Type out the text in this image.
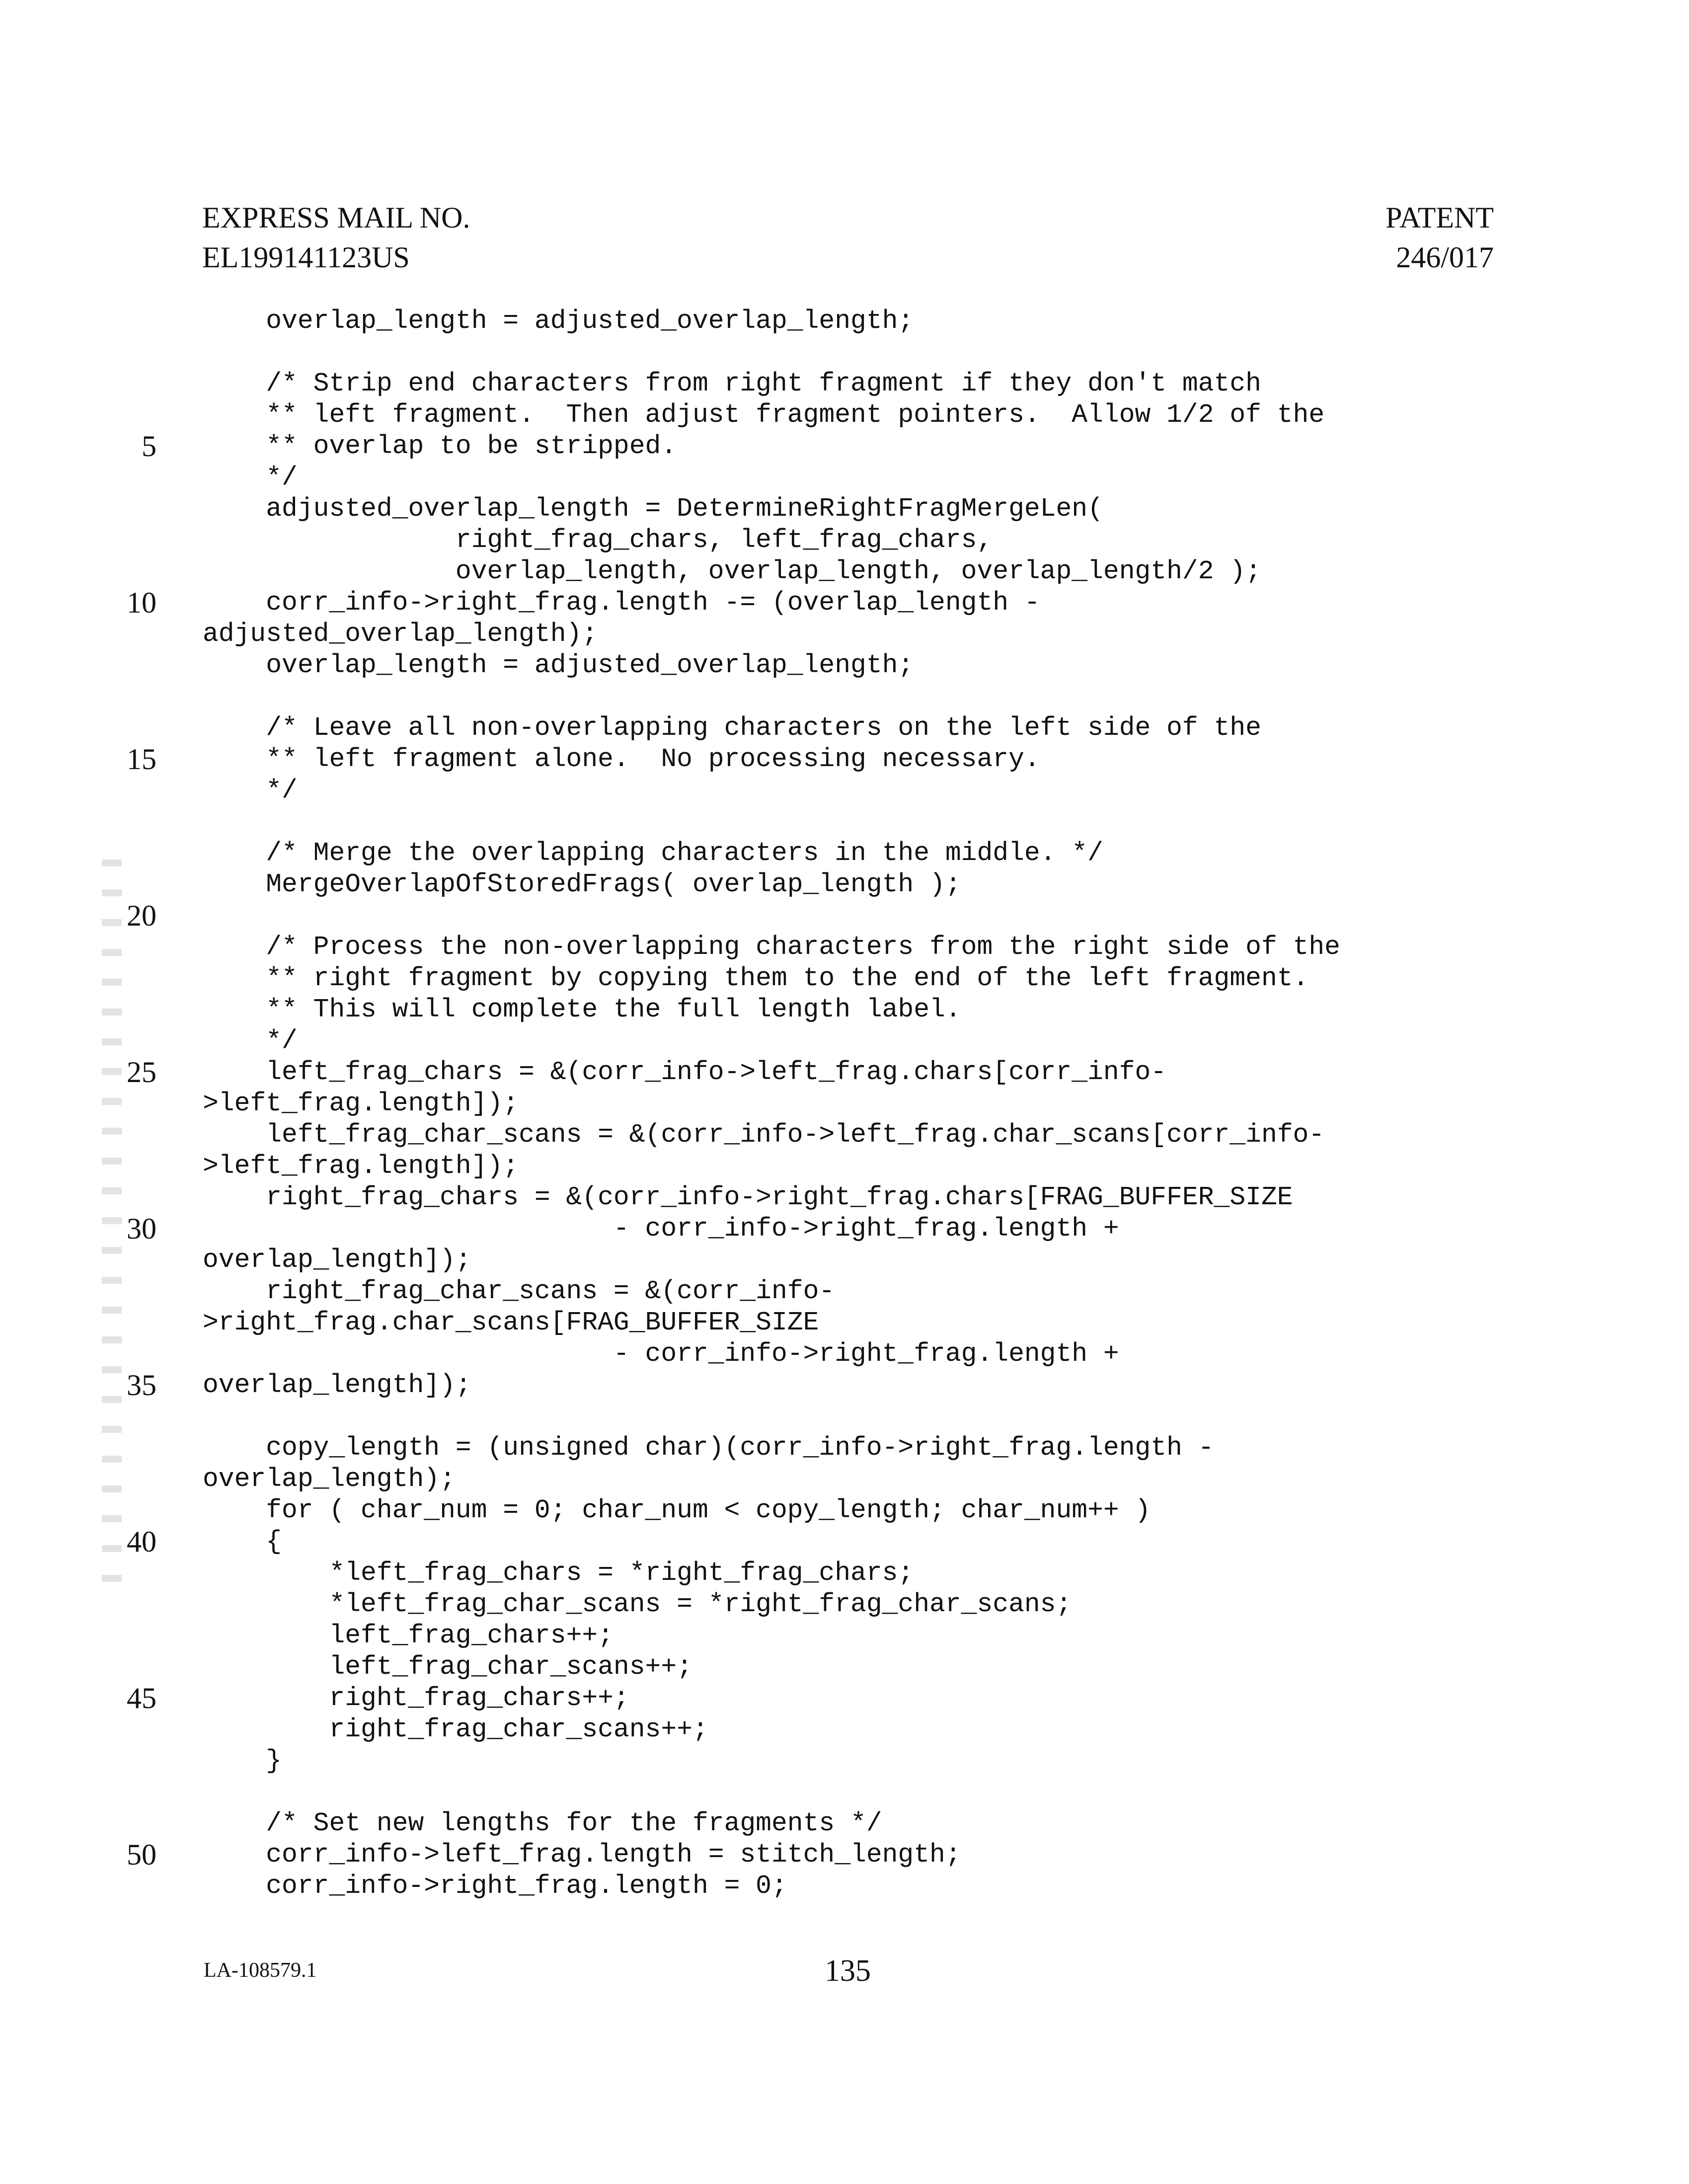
EXPRESS MAIL NO.
EL199141123US
PATENT
246/017
overlap_length = adjusted_overlap_length;
/* Strip end characters from right fragment if they don't match
** left fragment.  Then adjust fragment pointers.  Allow 1/2 of the
** overlap to be stripped.
*/
adjusted_overlap_length = DetermineRightFragMergeLen(
right_frag_chars, left_frag_chars,
overlap_length, overlap_length, overlap_length/2 );
corr_info->right_frag.length -= (overlap_length -
adjusted_overlap_length);
overlap_length = adjusted_overlap_length;
/* Leave all non-overlapping characters on the left side of the
** left fragment alone.  No processing necessary.
*/
/* Merge the overlapping characters in the middle. */
MergeOverlapOfStoredFrags( overlap_length );
/* Process the non-overlapping characters from the right side of the
** right fragment by copying them to the end of the left fragment.
** This will complete the full length label.
*/
left_frag_chars = &(corr_info->left_frag.chars[corr_info-
>left_frag.length]);
left_frag_char_scans = &(corr_info->left_frag.char_scans[corr_info-
>left_frag.length]);
right_frag_chars = &(corr_info->right_frag.chars[FRAG_BUFFER_SIZE
- corr_info->right_frag.length +
overlap_length]);
right_frag_char_scans = &(corr_info-
>right_frag.char_scans[FRAG_BUFFER_SIZE
- corr_info->right_frag.length +
overlap_length]);
copy_length = (unsigned char)(corr_info->right_frag.length -
overlap_length);
for ( char_num = 0; char_num < copy_length; char_num++ )
{
*left_frag_chars = *right_frag_chars;
*left_frag_char_scans = *right_frag_char_scans;
left_frag_chars++;
left_frag_char_scans++;
right_frag_chars++;
right_frag_char_scans++;
}
/* Set new lengths for the fragments */
corr_info->left_frag.length = stitch_length;
corr_info->right_frag.length = 0;
5
10
15
20
25
30
35
40
45
50
LA-108579.1	135
